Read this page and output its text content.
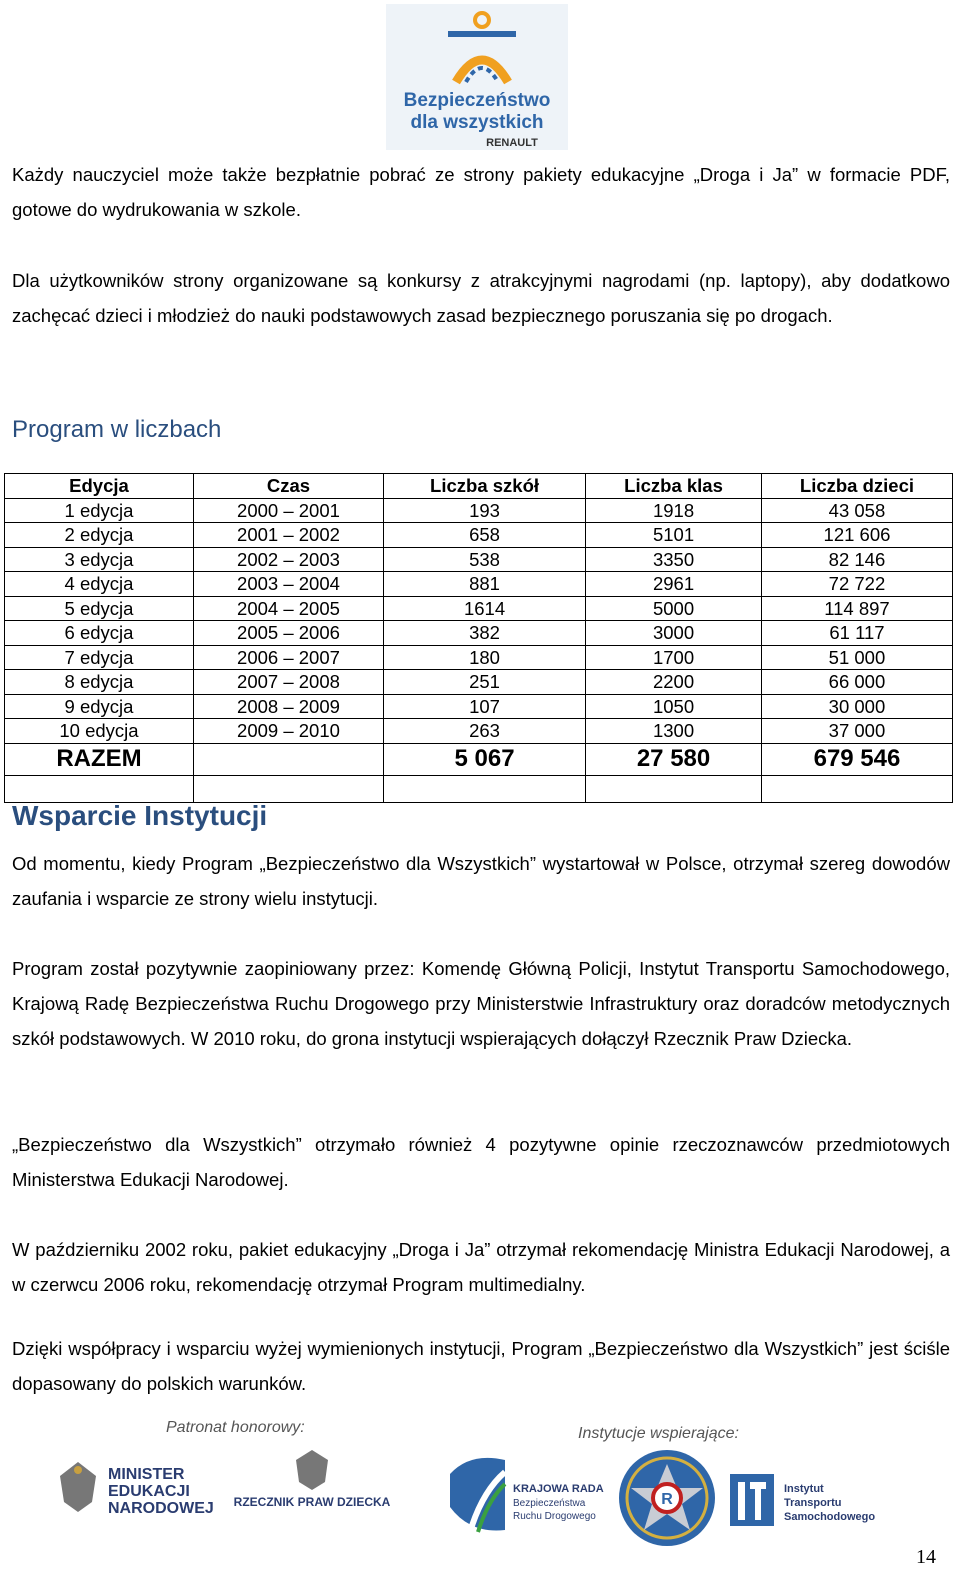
Bezpieczeństwo
dla wszystkich
RENAULT

Każdy nauczyciel może także bezpłatnie pobrać ze strony pakiety edukacyjne „Droga i Ja” w formacie PDF, gotowe do wydrukowania w szkole.

Dla użytkowników strony organizowane są konkursy z atrakcyjnymi nagrodami (np. laptopy), aby dodatkowo zachęcać dzieci i młodzież do nauki podstawowych zasad bezpiecznego poruszania się po drogach.

Program w liczbach
Edycja	Czas	Liczba szkół	Liczba klas	Liczba dzieci
1 edycja	2000 – 2001	193	1918	43 058
2 edycja	2001 – 2002	658	5101	121 606
3 edycja	2002 – 2003	538	3350	82 146
4 edycja	2003 – 2004	881	2961	72 722
5 edycja	2004 – 2005	1614	5000	114 897
6 edycja	2005 – 2006	382	3000	61 117
7 edycja	2006 – 2007	180	1700	51 000
8 edycja	2007 – 2008	251	2200	66 000
9 edycja	2008 – 2009	107	1050	30 000
10 edycja	2009 – 2010	263	1300	37 000
RAZEM		5 067	27 580	679 546

Wsparcie Instytucji

Od momentu, kiedy Program „Bezpieczeństwo dla Wszystkich” wystartował w Polsce, otrzymał szereg dowodów zaufania i wsparcie ze strony wielu instytucji.

Program został pozytywnie zaopiniowany przez: Komendę Główną Policji, Instytut Transportu Samochodowego, Krajową Radę Bezpieczeństwa Ruchu Drogowego przy Ministerstwie Infrastruktury oraz doradców metodycznych szkół podstawowych. W 2010 roku, do grona instytucji wspierających dołączył Rzecznik Praw Dziecka.

„Bezpieczeństwo dla Wszystkich” otrzymało również 4 pozytywne opinie rzeczoznawców przedmiotowych Ministerstwa Edukacji Narodowej.

W październiku 2002 roku, pakiet edukacyjny „Droga i Ja” otrzymał rekomendację Ministra Edukacji Narodowej, a w czerwcu 2006 roku, rekomendację otrzymał Program multimedialny.

Dzięki współpracy i wsparciu wyżej wymienionych instytucji, Program „Bezpieczeństwo dla Wszystkich” jest ściśle dopasowany do polskich warunków.

Patronat honorowy:	Instytucje wspierające:
MINISTER
EDUKACJI
NARODOWEJ RZECZNIK PRAW DZIECKA
KRAJOWA RADA
Bezpieczeństwa
Ruchu Drogowego
R
Instytut
Transportu
Samochodowego
14
